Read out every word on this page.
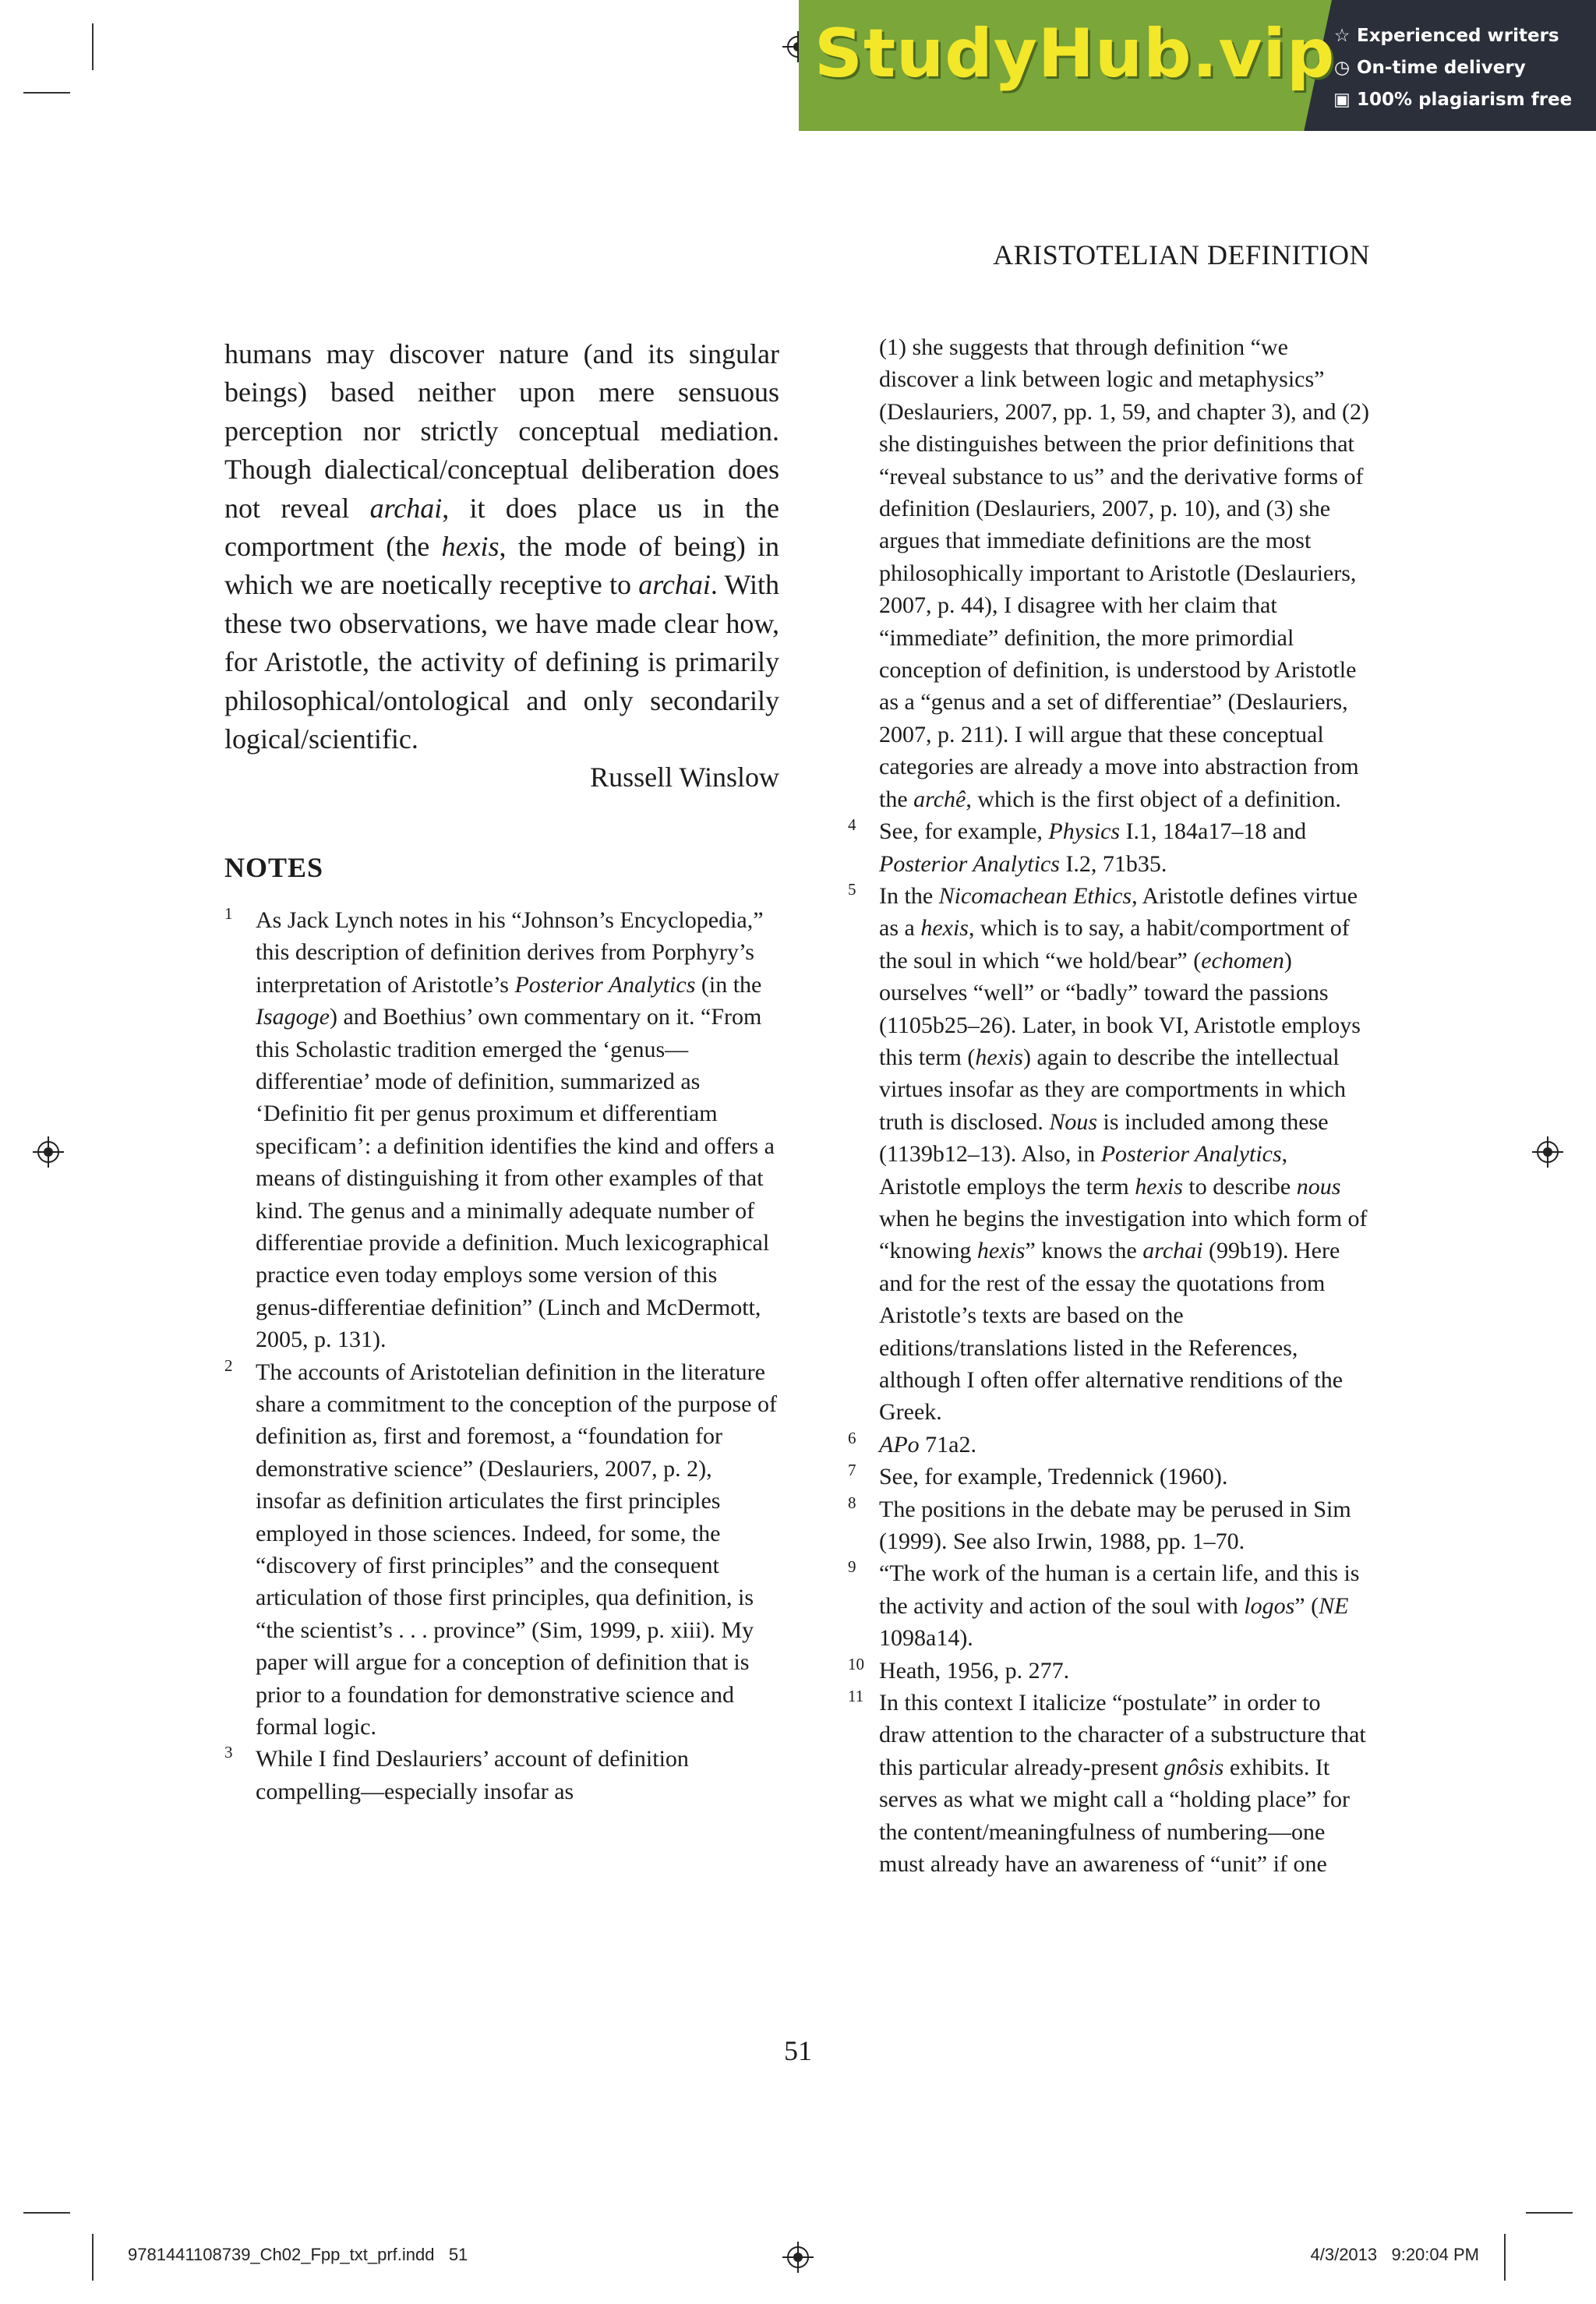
StudyHub.vip
☆ Experienced writers
◷ On-time delivery
▣ 100% plagiarism free
ARISTOTELIAN DEFINITION

humans may discover nature (and its singular beings) based neither upon mere sensuous perception nor strictly conceptual mediation. Though dialectical/conceptual deliberation does not reveal archai, it does place us in the comportment (the hexis, the mode of being) in which we are noetically receptive to archai. With these two observations, we have made clear how, for Aristotle, the activity of defining is primarily philosophical/ontological and only secondarily logical/scientific.

Russell Winslow

NOTES
1 As Jack Lynch notes in his “Johnson’s Encyclopedia,” this description of definition derives from Porphyry’s interpretation of Aristotle’s Posterior Analytics (in the Isagoge) and Boethius’ own commentary on it. “From this Scholastic tradition emerged the ‘genus—differentiae’ mode of definition, summarized as ‘Definitio fit per genus proximum et differentiam specificam’: a definition identifies the kind and offers a means of distinguishing it from other examples of that kind. The genus and a minimally adequate number of differentiae provide a definition. Much lexicographical practice even today employs some version of this genus-differentiae definition” (Linch and McDermott, 2005, p. 131).
2 The accounts of Aristotelian definition in the literature share a commitment to the conception of the purpose of definition as, first and foremost, a “foundation for demonstrative science” (Deslauriers, 2007, p. 2), insofar as definition articulates the first principles employed in those sciences. Indeed, for some, the “discovery of first principles” and the consequent articulation of those first principles, qua definition, is “the scientist’s . . . province” (Sim, 1999, p. xiii). My paper will argue for a conception of definition that is prior to a foundation for demonstrative science and formal logic.
3 While I find Deslauriers’ account of definition compelling—especially insofar as
(1) she suggests that through definition “we discover a link between logic and metaphysics” (Deslauriers, 2007, pp. 1, 59, and chapter 3), and (2) she distinguishes between the prior definitions that “reveal substance to us” and the derivative forms of definition (Deslauriers, 2007, p. 10), and (3) she argues that immediate definitions are the most philosophically important to Aristotle (Deslauriers, 2007, p. 44), I disagree with her claim that “immediate” definition, the more primordial conception of definition, is understood by Aristotle as a “genus and a set of differentiae” (Deslauriers, 2007, p. 211). I will argue that these conceptual categories are already a move into abstraction from the archê, which is the first object of a definition.
4 See, for example, Physics I.1, 184a17–18 and Posterior Analytics I.2, 71b35.
5 In the Nicomachean Ethics, Aristotle defines virtue as a hexis, which is to say, a habit/comportment of the soul in which “we hold/bear” (echomen) ourselves “well” or “badly” toward the passions (1105b25–26). Later, in book VI, Aristotle employs this term (hexis) again to describe the intellectual virtues insofar as they are comportments in which truth is disclosed. Nous is included among these (1139b12–13). Also, in Posterior Analytics, Aristotle employs the term hexis to describe nous when he begins the investigation into which form of “knowing hexis” knows the archai (99b19). Here and for the rest of the essay the quotations from Aristotle’s texts are based on the editions/translations listed in the References, although I often offer alternative renditions of the Greek.
6 APo 71a2.
7 See, for example, Tredennick (1960).
8 The positions in the debate may be perused in Sim (1999). See also Irwin, 1988, pp. 1–70.
9 “The work of the human is a certain life, and this is the activity and action of the soul with logos” (NE 1098a14).
10 Heath, 1956, p. 277.
11 In this context I italicize “postulate” in order to draw attention to the character of a substructure that this particular already-present gnôsis exhibits. It serves as what we might call a “holding place” for the content/meaningfulness of numbering—one must already have an awareness of “unit” if one
51
9781441108739_Ch02_Fpp_txt_prf.indd   51	4/3/2013   9:20:04 PM
